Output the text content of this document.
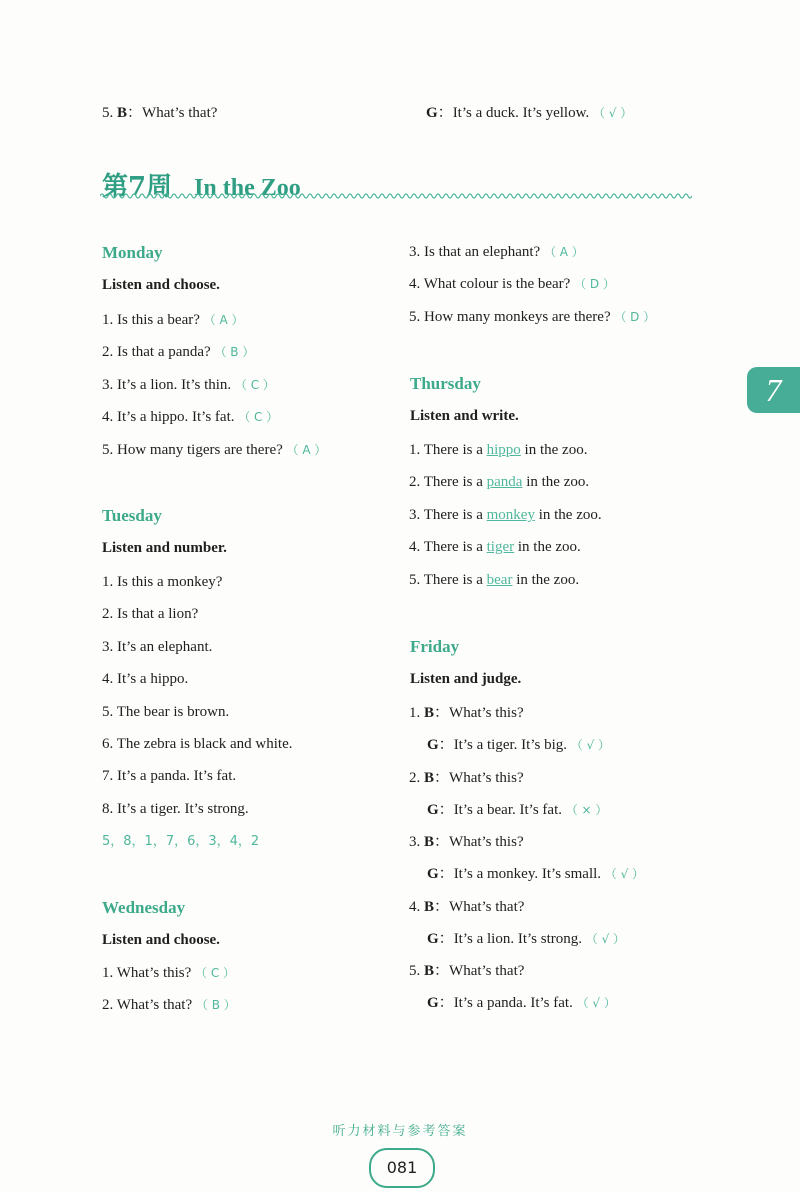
5. B：What’s that?	G：It’s a duck. It’s yellow. （ √ ）
第7周 In the Zoo
7
Monday
Listen and choose.
1. Is this a bear? （ A ）
2. Is that a panda? （ B ）
3. It’s a lion. It’s thin. （ C ）
4. It’s a hippo. It’s fat. （ C ）
5. How many tigers are there? （ A ）
Tuesday
Listen and number.
1. Is this a monkey?
2. Is that a lion?
3. It’s an elephant.
4. It’s a hippo.
5. The bear is brown.
6. The zebra is black and white.
7. It’s a panda. It’s fat.
8. It’s a tiger. It’s strong.
5，8，1，7，6，3，4，2
Wednesday
Listen and choose.
1. What’s this? （ C ）
2. What’s that? （ B ）
3. Is that an elephant? （ A ）
4. What colour is the bear? （ D ）
5. How many monkeys are there? （ D ）
Thursday
Listen and write.
1. There is a hippo in the zoo.
2. There is a panda in the zoo.
3. There is a monkey in the zoo.
4. There is a tiger in the zoo.
5. There is a bear in the zoo.
Friday
Listen and judge.
1. B：What’s this?
G：It’s a tiger. It’s big. （ √ ）
2. B：What’s this?
G：It’s a bear. It’s fat. （ × ）
3. B：What’s this?
G：It’s a monkey. It’s small. （ √ ）
4. B：What’s that?
G：It’s a lion. It’s strong. （ √ ）
5. B：What’s that?
G：It’s a panda. It’s fat. （ √ ）
听力材料与参考答案
081
